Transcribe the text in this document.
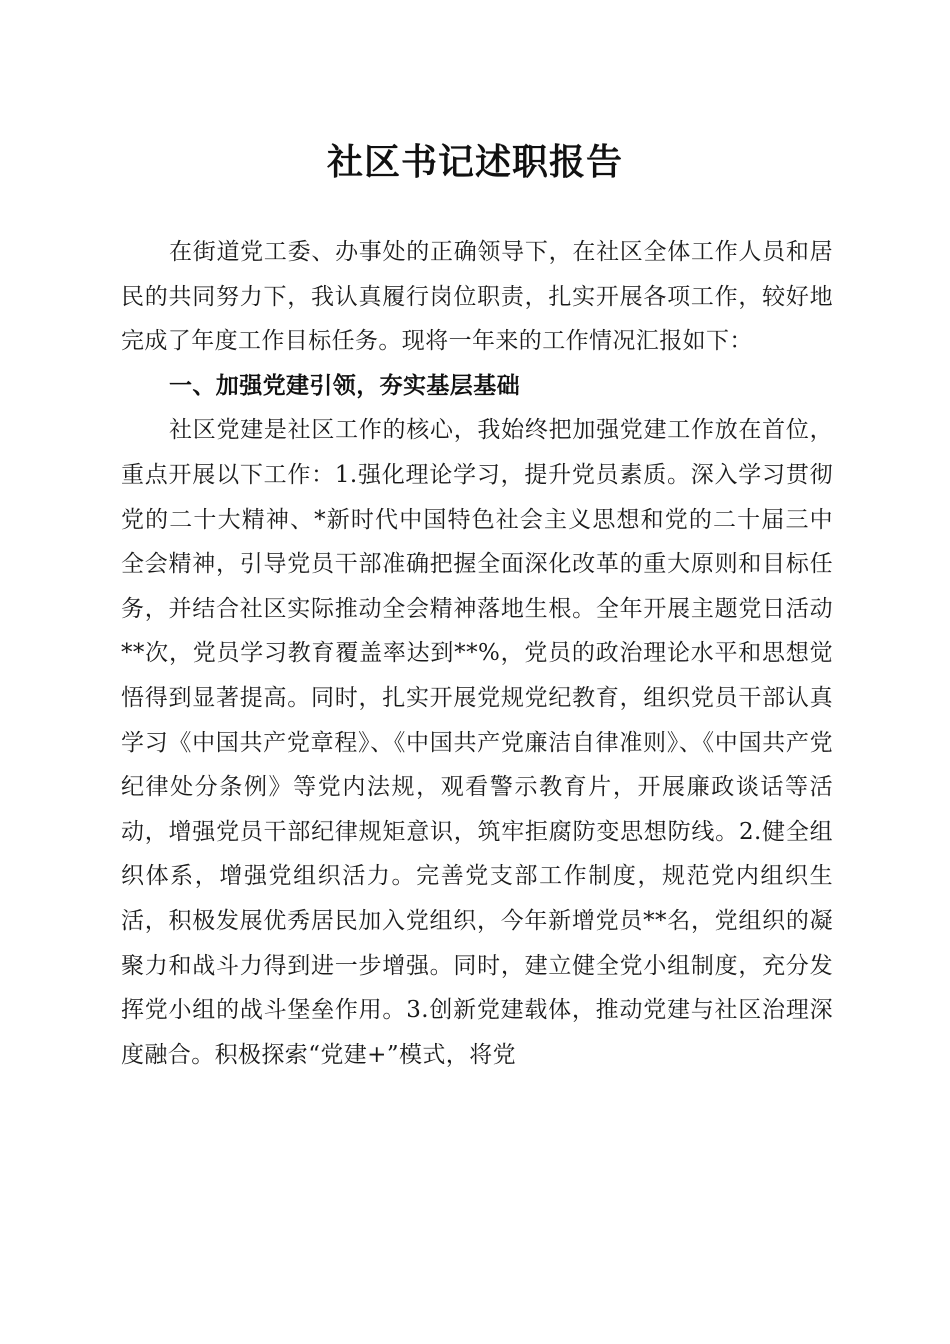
社区书记述职报告

在街道党工委、办事处的正确领导下，在社区全体工作人员和居民的共同努力下，我认真履行岗位职责，扎实开展各项工作，较好地完成了年度工作目标任务。现将一年来的工作情况汇报如下：

一、加强党建引领，夯实基层基础

社区党建是社区工作的核心，我始终把加强党建工作放在首位，重点开展以下工作：1.强化理论学习，提升党员素质。深入学习贯彻党的二十大精神、*新时代中国特色社会主义思想和党的二十届三中全会精神，引导党员干部准确把握全面深化改革的重大原则和目标任务，并结合社区实际推动全会精神落地生根。全年开展主题党日活动**次，党员学习教育覆盖率达到**%，党员的政治理论水平和思想觉悟得到显著提高。同时，扎实开展党规党纪教育，组织党员干部认真学习《中国共产党章程》、《中国共产党廉洁自律准则》、《中国共产党纪律处分条例》等党内法规，观看警示教育片，开展廉政谈话等活动，增强党员干部纪律规矩意识，筑牢拒腐防变思想防线。2.健全组织体系，增强党组织活力。完善党支部工作制度，规范党内组织生活，积极发展优秀居民加入党组织，今年新增党员**名，党组织的凝聚力和战斗力得到进一步增强。同时，建立健全党小组制度，充分发挥党小组的战斗堡垒作用。3.创新党建载体，推动党建与社区治理深度融合。积极探索“党建+”模式，将党
